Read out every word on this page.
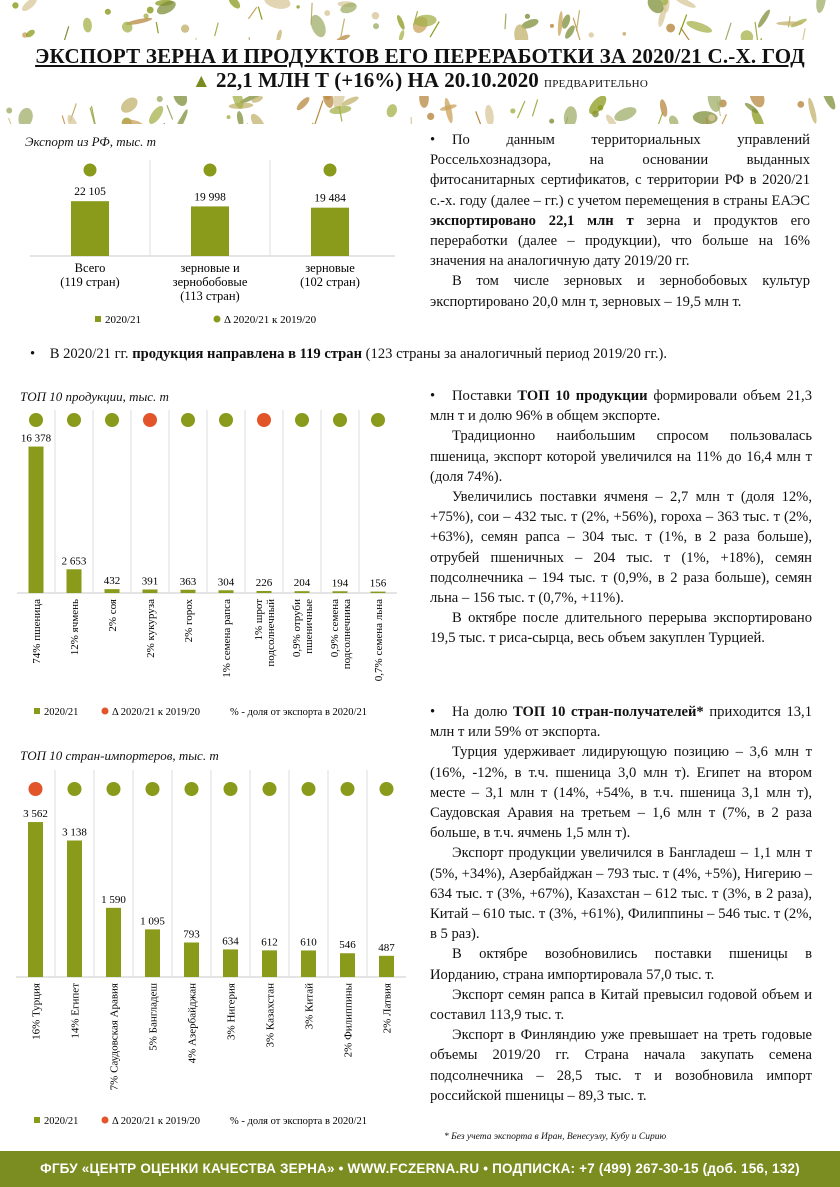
ЭКСПОРТ ЗЕРНА И ПРОДУКТОВ ЕГО ПЕРЕРАБОТКИ ЗА 2020/21 С.-Х. ГОД
▲ 22,1 МЛН Т (+16%) НА 20.10.2020 ПРЕДВАРИТЕЛЬНО
Экспорт из РФ, тыс. т
22 105
Всего
(119 стран)
19 998
зерновые и
зернобобовые
(113 стран)
19 484
зерновые
(102 стран)
2020/21	Δ 2020/21 к 2019/20

• По данным территориальных управлений Россельхознадзора, на основании выданных фитосанитарных сертификатов, с территории РФ в 2020/21 с.-х. году (далее – гг.) с учетом перемещения в страны ЕАЭС экспортировано 22,1 млн т зерна и продуктов его переработки (далее – продукции), что больше на 16% значения на аналогичную дату 2019/20 гг.

В том числе зерновых и зернобобовых культур экспортировано 20,0 млн т, зерновых – 19,5 млн т.

• В 2020/21 гг. продукция направлена в 119 стран (123 страны за аналогичный период 2019/20 гг.).
ТОП 10 продукции, тыс. т
16 378
74% пшеница
2 653
12% ячмень
432
2% соя
391
2% кукуруза
363
2% горох
304
1% семена рапса
226
1% шрот подсолнечный
204
0,9% отруби пшеничные
194
0,9% семена подсолнечника
156
0,7% семена льна
2020/21	Δ 2020/21 к 2019/20	% - доля от экспорта в 2020/21

• Поставки ТОП 10 продукции формировали объем 21,3 млн т и долю 96% в общем экспорте.

Традиционно наибольшим спросом пользовалась пшеница, экспорт которой увеличился на 11% до 16,4 млн т (доля 74%).

Увеличились поставки ячменя – 2,7 млн т (доля 12%, +75%), сои – 432 тыс. т (2%, +56%), гороха – 363 тыс. т (2%, +63%), семян рапса – 304 тыс. т (1%, в 2 раза больше), отрубей пшеничных – 204 тыс. т (1%, +18%), семян подсолнечника – 194 тыс. т (0,9%, в 2 раза больше), семян льна – 156 тыс. т (0,7%, +11%).

В октябре после длительного перерыва экспортировано 19,5 тыс. т риса-сырца, весь объем закуплен Турцией.

ТОП 10 стран-импортеров, тыс. т
3 562
16% Турция
3 138
14% Египет
1 590
7% Саудовская Аравия
1 095
5% Бангладеш
793
4% Азербайджан
634
3% Нигерия
612
3% Казахстан
610
3% Китай
546
2% Филиппины
487
2% Латвия
2020/21	Δ 2020/21 к 2019/20	% - доля от экспорта в 2020/21

• На долю ТОП 10 стран-получателей* приходится 13,1 млн т или 59% от экспорта.

Турция удерживает лидирующую позицию – 3,6 млн т (16%, -12%, в т.ч. пшеница 3,0 млн т). Египет на втором месте – 3,1 млн т (14%, +54%, в т.ч. пшеница 3,1 млн т), Саудовская Аравия на третьем – 1,6 млн т (7%, в 2 раза больше, в т.ч. ячмень 1,5 млн т).

Экспорт продукции увеличился в Бангладеш – 1,1 млн т (5%, +34%), Азербайджан – 793 тыс. т (4%, +5%), Нигерию – 634 тыс. т (3%, +67%), Казахстан – 612 тыс. т (3%, в 2 раза), Китай – 610 тыс. т (3%, +61%), Филиппины – 546 тыс. т (2%, в 5 раз).

В октябре возобновились поставки пшеницы в Иорданию, страна импортировала 57,0 тыс. т.

Экспорт семян рапса в Китай превысил годовой объем и составил 113,9 тыс. т.

Экспорт в Финляндию уже превышает на треть годовые объемы 2019/20 гг. Страна начала закупать семена подсолнечника – 28,5 тыс. т и возобновила импорт российской пшеницы – 89,3 тыс. т.

* Без учета экспорта в Иран, Венесуэлу, Кубу и Сирию
ФГБУ «ЦЕНТР ОЦЕНКИ КАЧЕСТВА ЗЕРНА» • WWW.FCZERNA.RU • ПОДПИСКА: +7 (499) 267-30-15 (доб. 156, 132)
